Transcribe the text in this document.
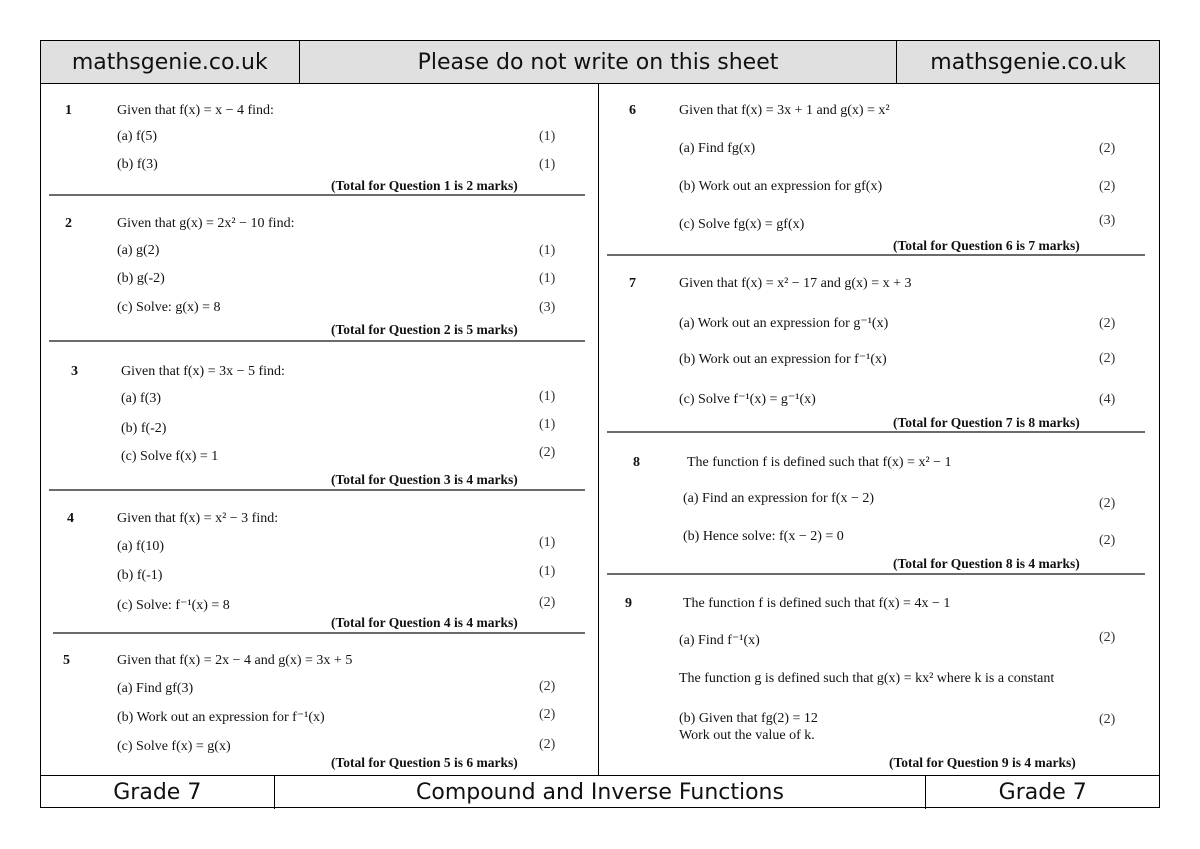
mathsgenie.co.uk	Please do not write on this sheet	mathsgenie.co.uk
1	Given that f(x) = x − 4 find:
(a) f(5)	(1)
(b) f(3)	(1)
(Total for Question 1 is 2 marks)
2	Given that g(x) = 2x² − 10 find:
(a) g(2)	(1)
(b) g(-2)	(1)
(c) Solve: g(x) = 8	(3)
(Total for Question 2 is 5 marks)
3	Given that f(x) = 3x − 5 find:
(a) f(3)	(1)
(b) f(-2)	(1)
(c) Solve f(x) = 1	(2)
(Total for Question 3 is 4 marks)
4	Given that f(x) = x² − 3 find:
(a) f(10)	(1)
(b) f(-1)	(1)
(c) Solve: f⁻¹(x) = 8	(2)
(Total for Question 4 is 4 marks)
5	Given that f(x) = 2x − 4 and g(x) = 3x + 5
(a) Find gf(3)	(2)
(b) Work out an expression for f⁻¹(x)	(2)
(c) Solve f(x) = g(x)	(2)
(Total for Question 5 is 6 marks)
6	Given that f(x) = 3x + 1 and g(x) = x²
(a) Find fg(x)	(2)
(b) Work out an expression for gf(x)	(2)
(c) Solve fg(x) = gf(x)	(3)
(Total for Question 6 is 7 marks)
7	Given that f(x) = x² − 17 and g(x) = x + 3
(a) Work out an expression for g⁻¹(x)	(2)
(b) Work out an expression for f⁻¹(x)	(2)
(c) Solve f⁻¹(x) = g⁻¹(x)	(4)
(Total for Question 7 is 8 marks)
8	The function f is defined such that f(x) = x² − 1
(a) Find an expression for f(x − 2)	(2)
(b) Hence solve: f(x − 2) = 0	(2)
(Total for Question 8 is 4 marks)
9	The function f is defined such that f(x) = 4x − 1
(a) Find f⁻¹(x)	(2)
The function g is defined such that g(x) = kx² where k is a constant
(b) Given that fg(2) = 12	(2)
Work out the value of k.
(Total for Question 9 is 4 marks)
Grade 7	Compound and Inverse Functions	Grade 7
